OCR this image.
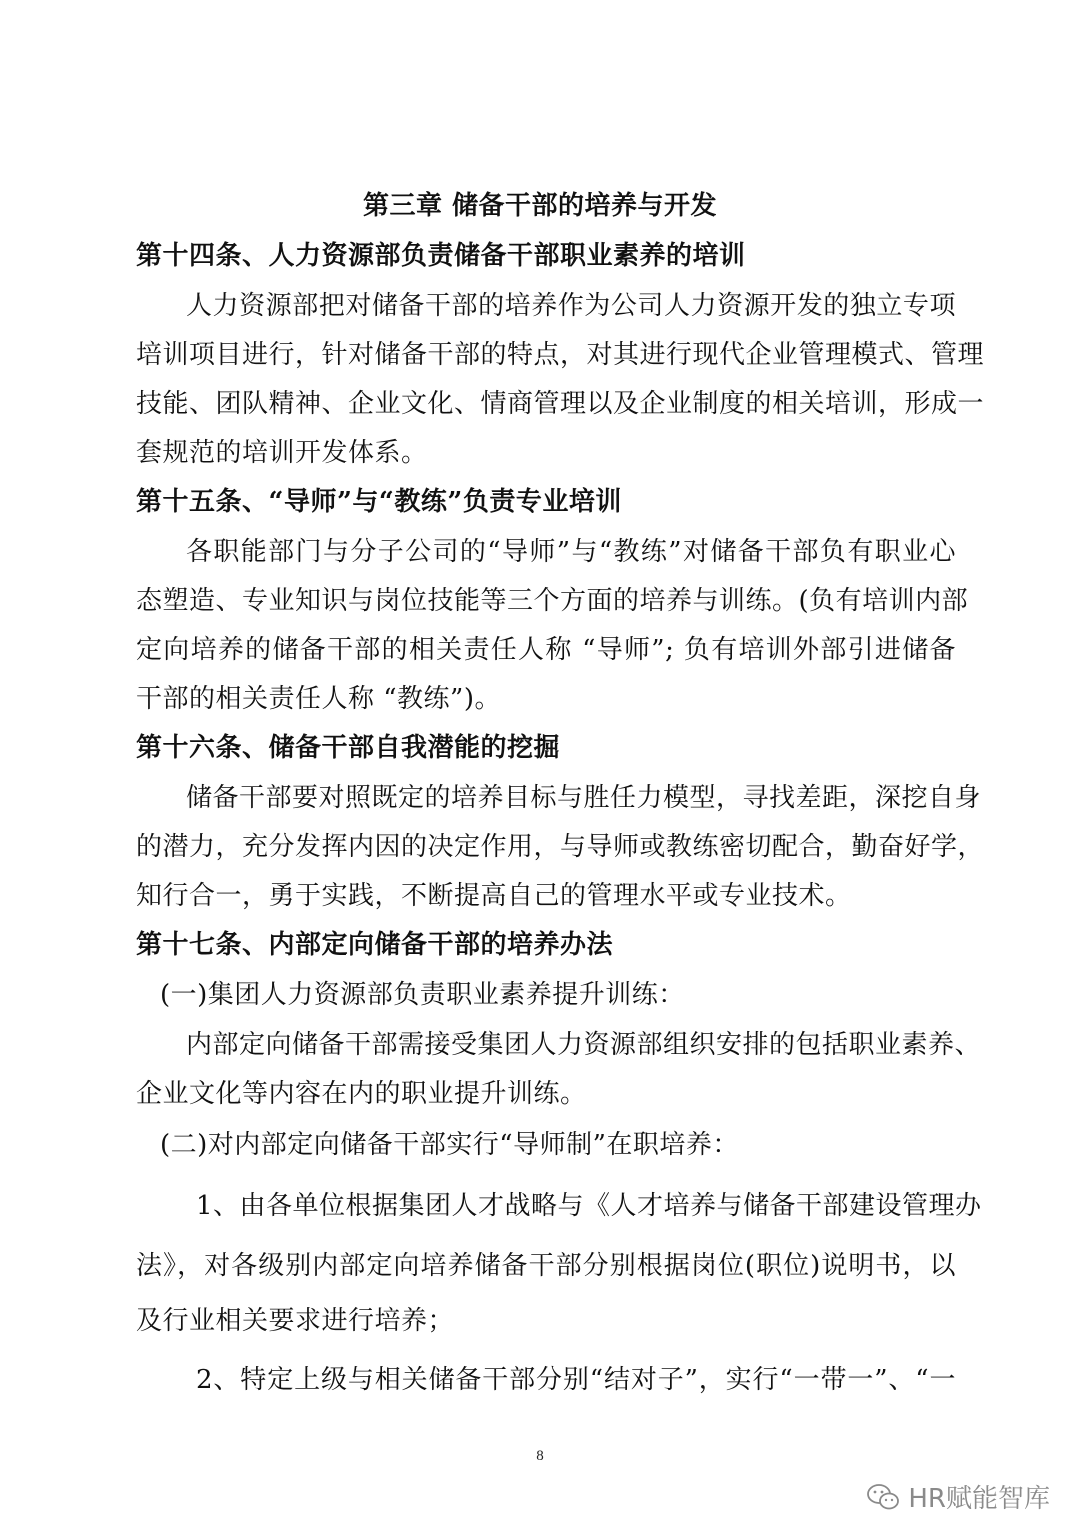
第三章 储备干部的培养与开发
第十四条、人力资源部负责储备干部职业素养的培训
人力资源部把对储备干部的培养作为公司人力资源开发的独立专项
培训项目进行，针对储备干部的特点，对其进行现代企业管理模式、管理
技能、团队精神、企业文化、情商管理以及企业制度的相关培训，形成一
套规范的培训开发体系。
第十五条、“导师”与“教练”负责专业培训
各职能部门与分子公司的“导师”与“教练”对储备干部负有职业心
态塑造、专业知识与岗位技能等三个方面的培养与训练。(负有培训内部
定向培养的储备干部的相关责任人称 “导师”; 负有培训外部引进储备
干部的相关责任人称 “教练”)。
第十六条、储备干部自我潜能的挖掘
储备干部要对照既定的培养目标与胜任力模型，寻找差距，深挖自身
的潜力，充分发挥内因的决定作用，与导师或教练密切配合，勤奋好学，
知行合一，勇于实践，不断提高自己的管理水平或专业技术。
第十七条、内部定向储备干部的培养办法
(一)集团人力资源部负责职业素养提升训练：
内部定向储备干部需接受集团人力资源部组织安排的包括职业素养、
企业文化等内容在内的职业提升训练。
(二)对内部定向储备干部实行“导师制”在职培养：
1、由各单位根据集团人才战略与《人才培养与储备干部建设管理办
法》，对各级别内部定向培养储备干部分别根据岗位(职位)说明书，以
及行业相关要求进行培养；
2、特定上级与相关储备干部分别“结对子”，实行“一带一”、“一
8
HR赋能智库
